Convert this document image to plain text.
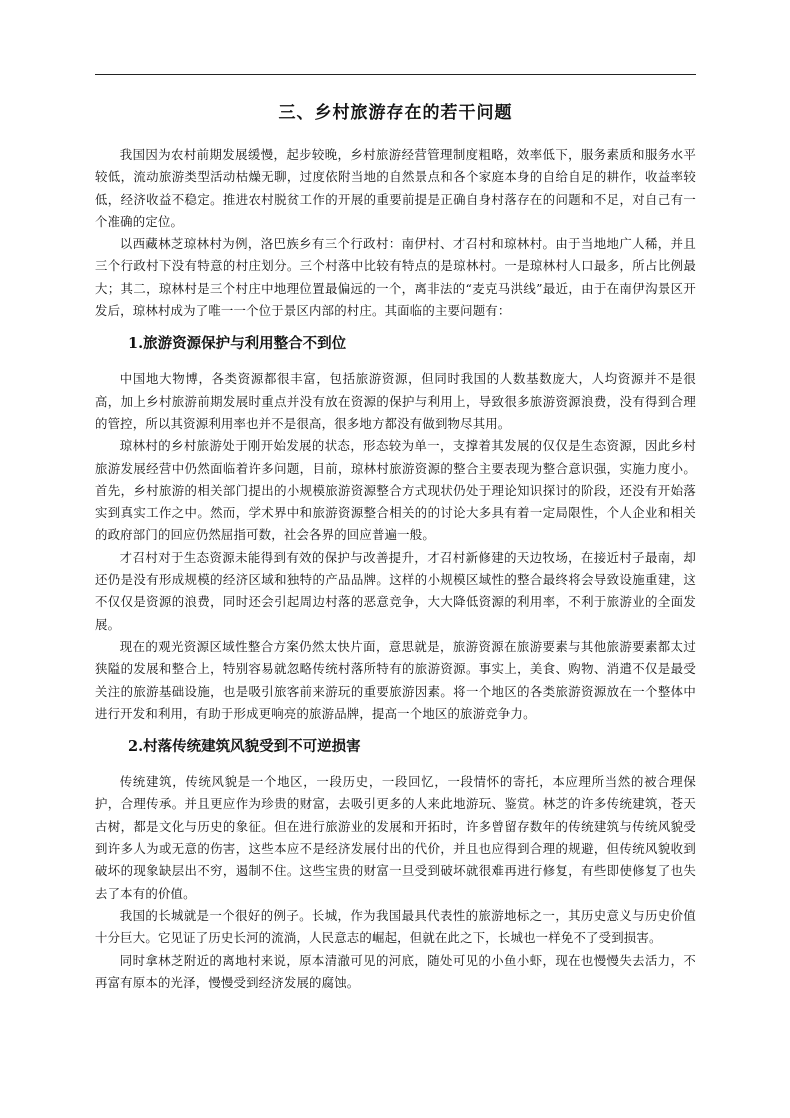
三、乡村旅游存在的若干问题

我国因为农村前期发展缓慢，起步较晚，乡村旅游经营管理制度粗略，效率低下，服务素质和服务水平较低，流动旅游类型活动枯燥无聊，过度依附当地的自然景点和各个家庭本身的自给自足的耕作，收益率较低，经济收益不稳定。推进农村脱贫工作的开展的重要前提是正确自身村落存在的问题和不足，对自己有一个准确的定位。

以西藏林芝琼林村为例，洛巴族乡有三个行政村：南伊村、才召村和琼林村。由于当地地广人稀，并且三个行政村下没有特意的村庄划分。三个村落中比较有特点的是琼林村。一是琼林村人口最多，所占比例最大；其二，琼林村是三个村庄中地理位置最偏远的一个，离非法的“麦克马洪线”最近，由于在南伊沟景区开发后，琼林村成为了唯一一个位于景区内部的村庄。其面临的主要问题有：

1.旅游资源保护与利用整合不到位

中国地大物博，各类资源都很丰富，包括旅游资源，但同时我国的人数基数庞大，人均资源并不是很高，加上乡村旅游前期发展时重点并没有放在资源的保护与利用上，导致很多旅游资源浪费，没有得到合理的管控，所以其资源利用率也并不是很高，很多地方都没有做到物尽其用。

琼林村的乡村旅游处于刚开始发展的状态，形态较为单一，支撑着其发展的仅仅是生态资源，因此乡村旅游发展经营中仍然面临着许多问题，目前，琼林村旅游资源的整合主要表现为整合意识强，实施力度小。首先，乡村旅游的相关部门提出的小规模旅游资源整合方式现状仍处于理论知识探讨的阶段，还没有开始落实到真实工作之中。然而，学术界中和旅游资源整合相关的的讨论大多具有着一定局限性，个人企业和相关的政府部门的回应仍然屈指可数，社会各界的回应普遍一般。

才召村对于生态资源未能得到有效的保护与改善提升，才召村新修建的天边牧场，在接近村子最南，却还仍是没有形成规模的经济区域和独特的产品品牌。这样的小规模区域性的整合最终将会导致设施重建，这不仅仅是资源的浪费，同时还会引起周边村落的恶意竞争，大大降低资源的利用率，不利于旅游业的全面发展。

现在的观光资源区域性整合方案仍然太快片面，意思就是，旅游资源在旅游要素与其他旅游要素都太过狭隘的发展和整合上，特别容易就忽略传统村落所特有的旅游资源。事实上，美食、购物、消遣不仅是最受关注的旅游基础设施，也是吸引旅客前来游玩的重要旅游因素。将一个地区的各类旅游资源放在一个整体中进行开发和利用，有助于形成更响亮的旅游品牌，提高一个地区的旅游竞争力。

2.村落传统建筑风貌受到不可逆损害

传统建筑，传统风貌是一个地区，一段历史，一段回忆，一段情怀的寄托，本应理所当然的被合理保护，合理传承。并且更应作为珍贵的财富，去吸引更多的人来此地游玩、鉴赏。林芝的许多传统建筑，苍天古树，都是文化与历史的象征。但在进行旅游业的发展和开拓时，许多曾留存数年的传统建筑与传统风貌受到许多人为或无意的伤害，这些本应不是经济发展付出的代价，并且也应得到合理的规避，但传统风貌收到破坏的现象缺层出不穷，遏制不住。这些宝贵的财富一旦受到破坏就很难再进行修复，有些即使修复了也失去了本有的价值。

我国的长城就是一个很好的例子。长城，作为我国最具代表性的旅游地标之一，其历史意义与历史价值十分巨大。它见证了历史长河的流淌，人民意志的崛起，但就在此之下，长城也一样免不了受到损害。

同时拿林芝附近的离地村来说，原本清澈可见的河底，随处可见的小鱼小虾，现在也慢慢失去活力，不再富有原本的光泽，慢慢受到经济发展的腐蚀。
